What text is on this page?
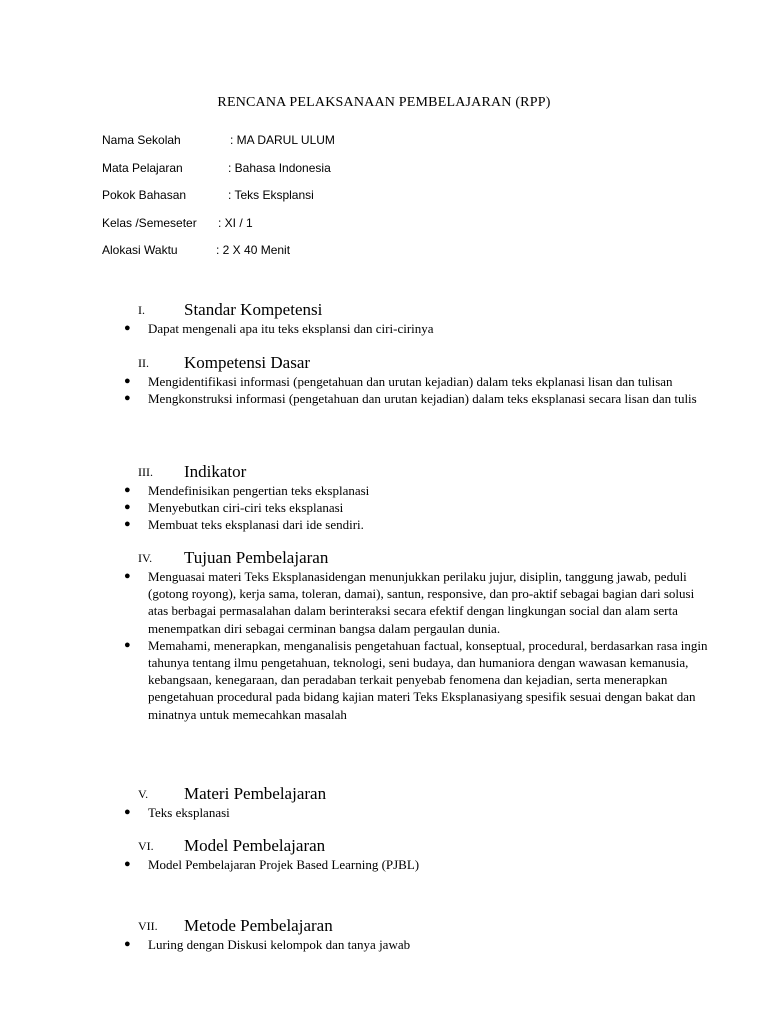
RENCANA PELAKSANAAN PEMBELAJARAN (RPP)
Nama Sekolah	: MA DARUL ULUM
Mata Pelajaran	: Bahasa Indonesia
Pokok Bahasan	: Teks Eksplansi
Kelas /Semeseter : XI / 1
Alokasi Waktu	: 2 X 40 Menit
I. Standar Kompetensi
● Dapat mengenali apa itu teks eksplansi dan ciri-cirinya
II. Kompetensi Dasar
● Mengidentifikasi informasi (pengetahuan dan urutan kejadian) dalam teks ekplanasi lisan dan tulisan
● Mengkonstruksi informasi (pengetahuan dan urutan kejadian) dalam teks eksplanasi secara lisan dan tulis
III. Indikator
● Mendefinisikan pengertian teks eksplanasi
● Menyebutkan ciri-ciri teks eksplanasi
● Membuat teks eksplanasi dari ide sendiri.
IV. Tujuan Pembelajaran
● Menguasai materi Teks Eksplanasidengan menunjukkan perilaku jujur, disiplin, tanggung jawab, peduli (gotong royong), kerja sama, toleran, damai), santun, responsive, dan pro-aktif sebagai bagian dari solusi atas berbagai permasalahan dalam berinteraksi secara efektif dengan lingkungan social dan alam serta menempatkan diri sebagai cerminan bangsa dalam pergaulan dunia.
● Memahami, menerapkan, menganalisis pengetahuan factual, konseptual, procedural, berdasarkan rasa ingin tahunya tentang ilmu pengetahuan, teknologi, seni budaya, dan humaniora dengan wawasan kemanusia, kebangsaan, kenegaraan, dan peradaban terkait penyebab fenomena dan kejadian, serta menerapkan pengetahuan procedural pada bidang kajian materi Teks Eksplanasiyang spesifik sesuai dengan bakat dan minatnya untuk memecahkan masalah
V. Materi Pembelajaran
● Teks eksplanasi
VI. Model Pembelajaran
● Model Pembelajaran Projek Based Learning (PJBL)
VII. Metode Pembelajaran
● Luring dengan Diskusi kelompok dan tanya jawab
